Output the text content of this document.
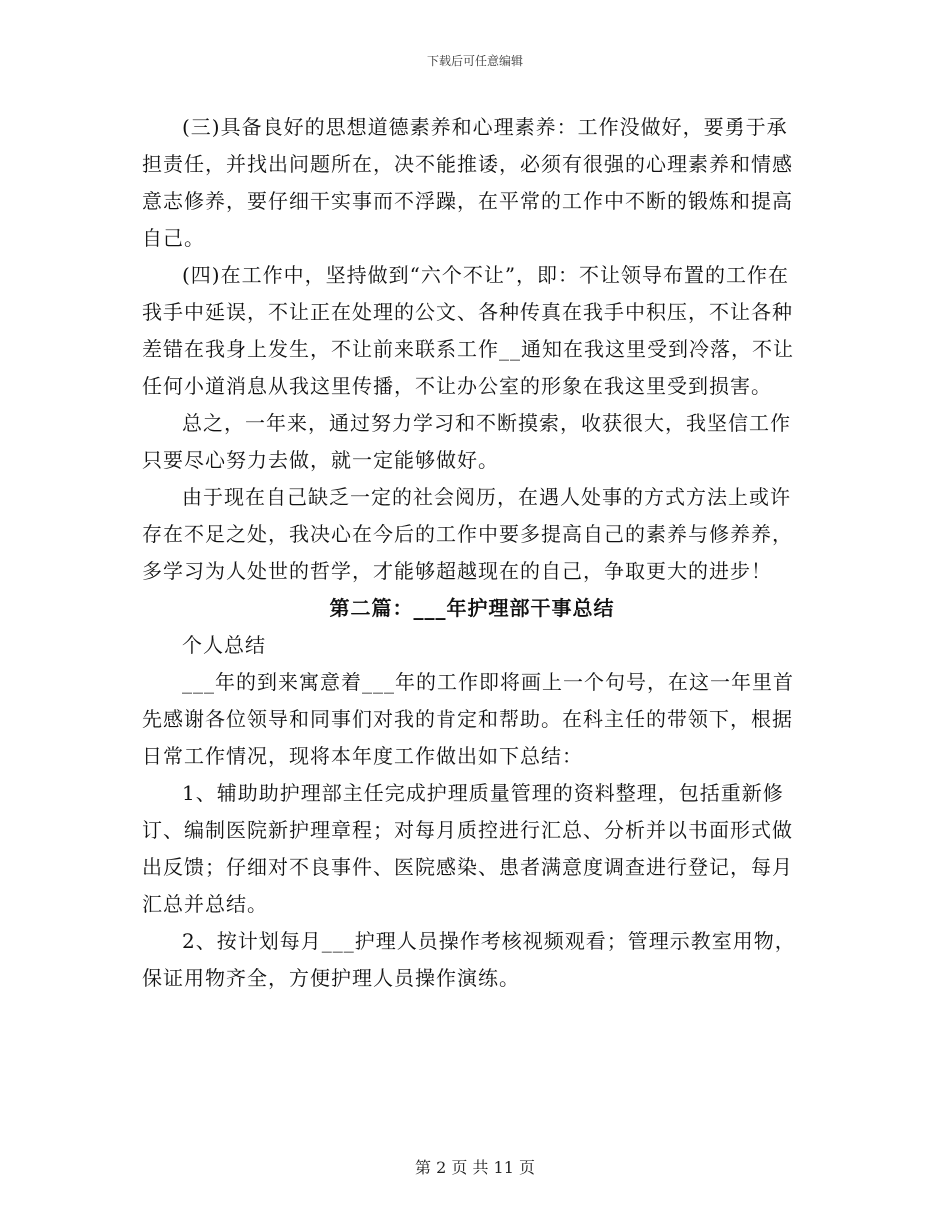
下载后可任意编辑

(三)具备良好的思想道德素养和心理素养：工作没做好，要勇于承担责任，并找出问题所在，决不能推诿，必须有很强的心理素养和情感意志修养，要仔细干实事而不浮躁，在平常的工作中不断的锻炼和提高自己。

(四)在工作中，坚持做到“六个不让”，即：不让领导布置的工作在我手中延误，不让正在处理的公文、各种传真在我手中积压，不让各种差错在我身上发生，不让前来联系工作__通知在我这里受到冷落，不让任何小道消息从我这里传播，不让办公室的形象在我这里受到损害。

总之，一年来，通过努力学习和不断摸索，收获很大，我坚信工作只要尽心努力去做，就一定能够做好。

由于现在自己缺乏一定的社会阅历，在遇人处事的方式方法上或许存在不足之处，我决心在今后的工作中要多提高自己的素养与修养养，多学习为人处世的哲学，才能够超越现在的自己，争取更大的进步！

第二篇：___年护理部干事总结

个人总结

___年的到来寓意着___年的工作即将画上一个句号，在这一年里首先感谢各位领导和同事们对我的肯定和帮助。在科主任的带领下，根据日常工作情况，现将本年度工作做出如下总结：

1、辅助助护理部主任完成护理质量管理的资料整理，包括重新修订、编制医院新护理章程；对每月质控进行汇总、分析并以书面形式做出反馈；仔细对不良事件、医院感染、患者满意度调查进行登记，每月汇总并总结。

2、按计划每月___护理人员操作考核视频观看；管理示教室用物，保证用物齐全，方便护理人员操作演练。

第 2 页 共 11 页
